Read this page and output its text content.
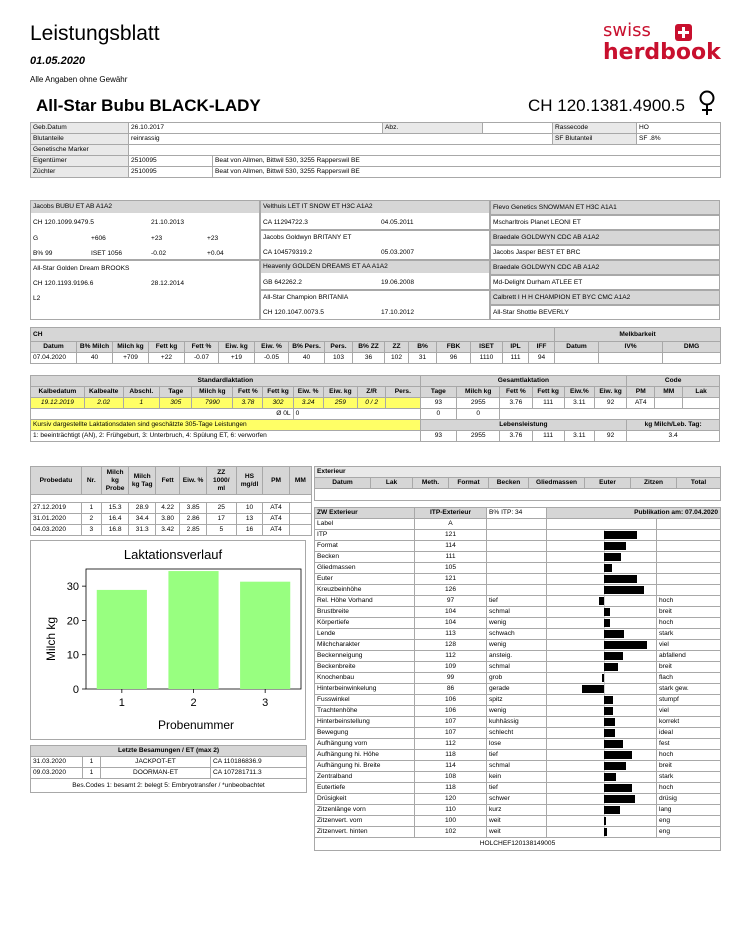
Leistungsblatt
01.05.2020
Alle Angaben ohne Gewähr
swiss
herdbook
All-Star Bubu BLACK-LADY	CH 120.1381.4900.5
Geb.Datum	26.10.2017		Abz.		Rassecode	HO
Blutanteile	reinrassig				SF Blutanteil	SF .8%
Genetische Marker						
Eigentümer	2510095	Beat von Allmen, Bittwil 530, 3255 Rapperswil BE				
Züchter	2510095	Beat von Allmen, Bittwil 530, 3255 Rapperswil BE				
Jacobs BUBU ET AB A1A2
CH 120.1099.9479.5	21.10.2013
G	+606	+23	+23
B% 99	ISET 1056	-0.02	+0.04
All-Star Golden Dream BROOKS
CH 120.1193.9196.6	28.12.2014
L2
Velthuis LET IT SNOW ET H3C A1A2
CA 11294722.3	04.05.2011
Jacobs Goldwyn BRITANY ET
CA 104579319.2	05.03.2007
Heavenly GOLDEN DREAMS ET AA A1A2
GB 642262.2	19.06.2008
All-Star Champion BRITANIA
CH 120.1047.0073.5	17.10.2012
Flevo Genetics SNOWMAN ET H3C A1A1
Mscharltrois Planet LEONI ET
Braedale GOLDWYN CDC AB A1A2
Jacobs Jasper BEST ET BRC
Braedale GOLDWYN CDC AB A1A2
Md-Delight Durham ATLEE ET
Calbrett I H H CHAMPION ET BYC CMC A1A2
All-Star Shottle BEVERLY
CH																Melkbarkeit		
Datum	B% Milch	Milch kg	Fett kg	Fett %	Eiw. kg	Eiw. %	B% Pers.	Pers.	B% ZZ	ZZ	B%	FBK	ISET	IPL	IFF	Datum	IV%	DMG
07.04.2020	40	+709	+22	-0.07	+19	-0.05	40	103	36	102	31	96	1110	111	94			
Standardlaktation											Gesamtlaktation						Code		
Kalbedatum	Kalbealte	Abschl.	Tage	Milch kg	Fett %	Fett kg	Eiw. %	Eiw. kg	Z/R	Pers.	Tage	Milch kg	Fett %	Fett kg	Eiw.%	Eiw. kg	PM	MM	Lak
19.12.2019	2.02	1	305	7990	3.78	302	3.24	259	0 / 2		93	2955	3.76	111	3.11	92	AT4		
Ø 0L							0				0	0							
Kursiv dargestellte Laktationsdaten sind geschätzte 305-Tage Leistungen											Lebensleistung						kg Milch/Leb. Tag:		
1: beeinträchtigt (AN), 2: Frühgeburt, 3: Unterbruch, 4: Spülung ET, 6: verworfen											93	2955	3.76	111	3.11	92	3.4		
Probedatu	Nr.	Milch kg Probe	Milch kg Tag	Fett	Eiw. %	ZZ 1000/ ml	HS mg/dl	PM	MM

27.12.2019	1	15.3	28.9	4.22	3.85	25	10	AT4	
31.01.2020	2	16.4	34.4	3.80	2.86	17	13	AT4	
04.03.2020	3	16.8	31.3	3.42	2.85	5	16	AT4	
Laktationsverlauf
Milch kg
Probenummer
0
10
20
30
1	2	3
Letzte Besamungen / ET (max 2)			
31.03.2020	1	JACKPOT-ET	CA 110186836.9
09.03.2020	1	DOORMAN-ET	CA 107281711.3
Bes.Codes 1: besamt 2: belegt 5: Embryotransfer / *unbeobachtet			
Exterieur
Datum	Lak	Meth.	Format	Becken	Gliedmassen	Euter	Zitzen	Total

ZW Exterieur	ITP-Exterieur	B% ITP: 34	Publikation am: 07.04.2020	
Label	A		

ITP	121		

Format	114		

Becken	111		

Gliedmassen	105		

Euter	121		

Kreuzbeinhöhe	126		

Rel. Höhe Vorhand	97	tief		hoch
Brustbreite	104	schmal		breit
Körpertiefe	104	wenig		hoch
Lende	113	schwach		stark
Milchcharakter	128	wenig		viel
Beckenneigung	112	ansteig.		abfallend
Beckenbreite	109	schmal		breit
Knochenbau	99	grob		flach
Hinterbeinwinkelung	86	gerade		stark gew.
Fusswinkel	106	spitz		stumpf
Trachtenhöhe	106	wenig		viel
Hinterbeinstellung	107	kuhhässig		korrekt
Bewegung	107	schlecht		ideal
Aufhängung vorn	112	lose		fest
Aufhängung hi. Höhe	118	tief		hoch
Aufhängung hi. Breite	114	schmal		breit
Zentralband	108	kein		stark
Eutertiefe	118	tief		hoch
Drüsigkeit	120	schwer		drüsig
Zitzenlänge vorn	110	kurz		lang
Zitzenvert. vorn	100	weit		eng
Zitzenvert. hinten	102	weit		eng
HOLCHEF120138149005				
